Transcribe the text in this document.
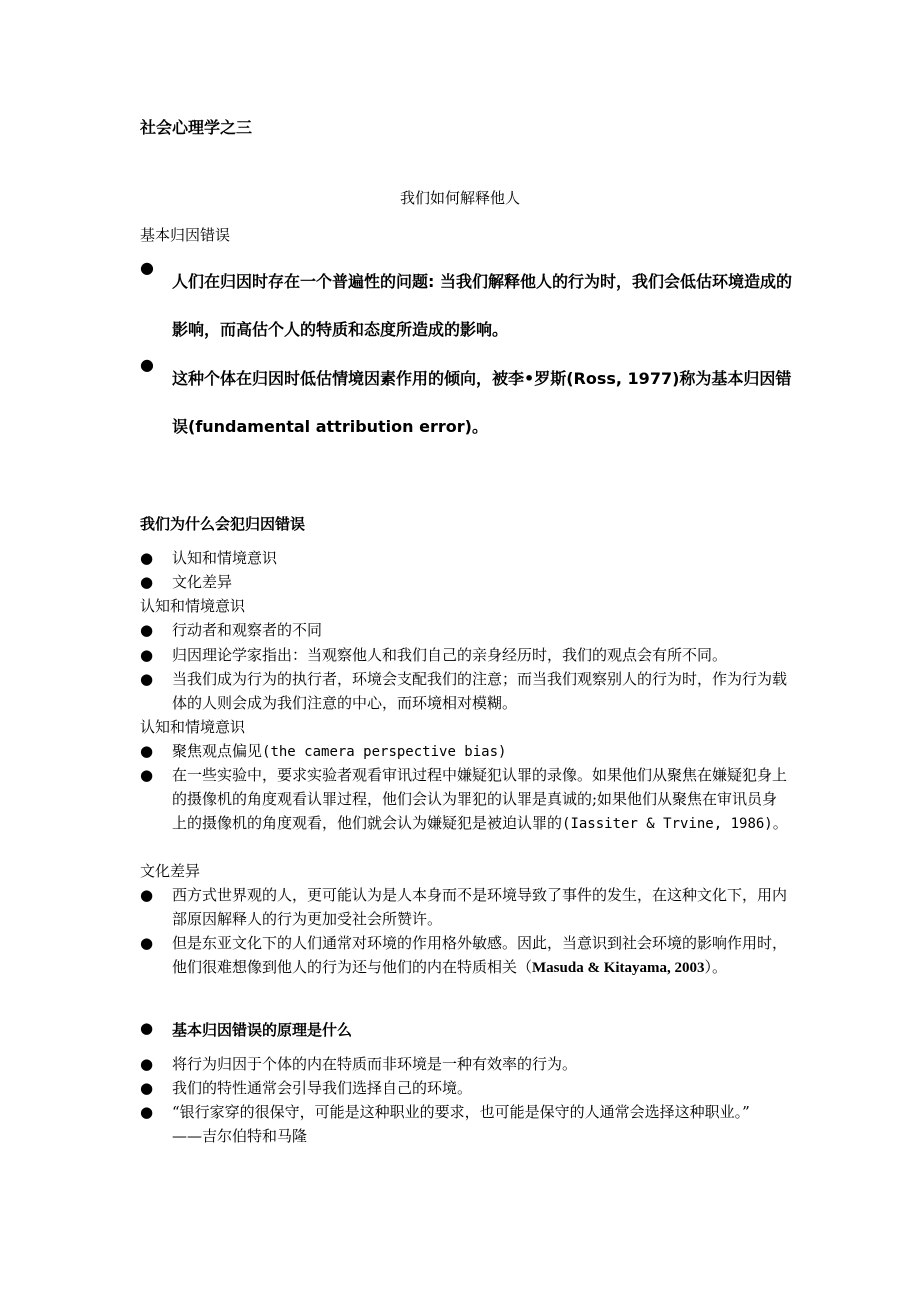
社会心理学之三
我们如何解释他人
基本归因错误
●
人们在归因时存在一个普遍性的问题: 当我们解释他人的行为时，我们会低估环境造成的影响，而高估个人的特质和态度所造成的影响。
●
这种个体在归因时低估情境因素作用的倾向，被李•罗斯(Ross, 1977)称为基本归因错误(fundamental attribution error)。
我们为什么会犯归因错误
● 认知和情境意识
● 文化差异
认知和情境意识
● 行动者和观察者的不同
● 归因理论学家指出：当观察他人和我们自己的亲身经历时，我们的观点会有所不同。
● 当我们成为行为的执行者，环境会支配我们的注意；而当我们观察别人的行为时，作为行为载体的人则会成为我们注意的中心，而环境相对模糊。
认知和情境意识
● 聚焦观点偏见(the camera perspective bias)
● 在一些实验中，要求实验者观看审讯过程中嫌疑犯认罪的录像。如果他们从聚焦在嫌疑犯身上的摄像机的角度观看认罪过程，他们会认为罪犯的认罪是真诚的;如果他们从聚焦在审讯员身上的摄像机的角度观看，他们就会认为嫌疑犯是被迫认罪的(Iassiter & Trvine, 1986)。
文化差异
● 西方式世界观的人，更可能认为是人本身而不是环境导致了事件的发生，在这种文化下，用内部原因解释人的行为更加受社会所赞许。
● 但是东亚文化下的人们通常对环境的作用格外敏感。因此，当意识到社会环境的影响作用时，他们很难想像到他人的行为还与他们的内在特质相关（Masuda & Kitayama, 2003）。
● 基本归因错误的原理是什么
● 将行为归因于个体的内在特质而非环境是一种有效率的行为。
● 我们的特性通常会引导我们选择自己的环境。
● “银行家穿的很保守，可能是这种职业的要求，也可能是保守的人通常会选择这种职业。”　　　——吉尔伯特和马隆
